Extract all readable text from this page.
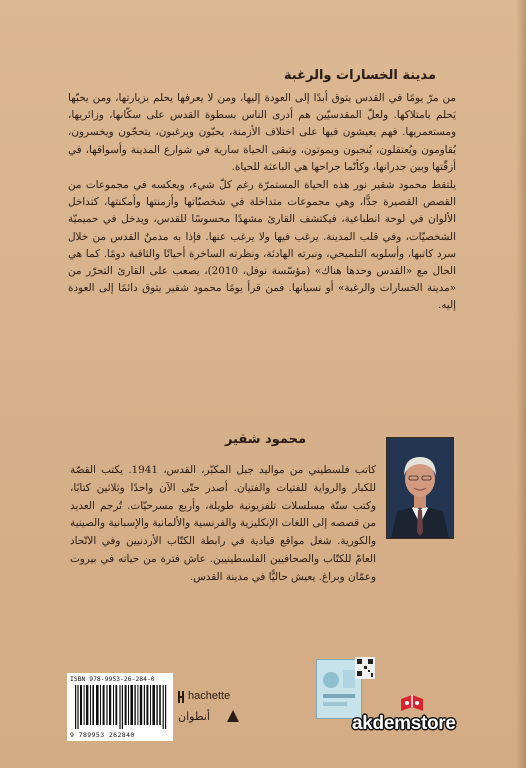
مدينة الخسارات والرغبة

من مرّ يومًا في القدس يتوق أبدًا إلى العودة إليها، ومن لا يعرفها يحلم بزيارتها، ومن يحبّها يَحلم بامتلاكها. ولعلّ المقدسيّين هم أدرى الناس بسطوة القدس على سكّانها، وزائريها، ومستعمريها. فهم يعيشون فيها على اختلاف الأزمنة، يحبّون ويرغبون، يتحجّون ويخسرون، يُقاومون ويُعتقلون، يُنجبون ويموتون، وتبقى الحياة سارية في شوارع المدينة وأسواقها، في أزقّتها وبين جدرانها، وكأنّما جراحها هي الباعثة للحياة.

يلتقط محمود شقير نور هذه الحياة المستمرّة رغم كلّ شيء، ويعكسه في مجموعات من القصص القصيرة جدًّا، وهي مجموعات متداخلة في شخصيّاتها وأزمنتها وأمكنتها، كتداخل الألوان في لوحة انطباعية، فيكتشف القارئ مشهدًا محسوسًا للقدس، ويدخل في حميميّة الشخصيّات، وفي قلب المدينة. يرغب فيها ولا يرغب عنها. فإذا به مدمنٌ القدس من خلال سرد كاتبها، وأسلوبه التلميحي، ونبرته الهادئة، ونظرته الساخرة أحيانًا والثاقبة دومًا. كما هي الحال مع «القدس وحدها هناك» (مؤسّسة نوفل، 2010)، يصعب على القارئ التحرّر من «مدينة الخسارات والرغبة» أو نسيانها. فمن قرأ يومًا محمود شقير يتوق دائمًا إلى العودة إليه.

محمود شقير
كاتب فلسطيني من مواليد جبل المكبّر، القدس، 1941. يكتب القصّة للكبار والرواية للفتيات والفتيان. أصدر حتّى الآن واحدًا وثلاثين كتابًا، وكتب ستّة مسلسلات تلفزيونية طويلة، وأربع مسرحيّات. تُرجم العديد من قصصه إلى اللغات الإنكليزية والفرنسية والألمانية والإسبانية والصينية والكورية. شغل مواقع قيادية في رابطة الكتّاب الأردنيين وفي الاتّحاد العامّ للكتّاب والصحافيين الفلسطينيين. عاش فترة من حياته في بيروت وعمّان وبراغ. يعيش حاليًّا في مدينة القدس.
ISBN 978-9953-26-284-0
9 789953 262840
hachette
أنطوان	akdemstore
